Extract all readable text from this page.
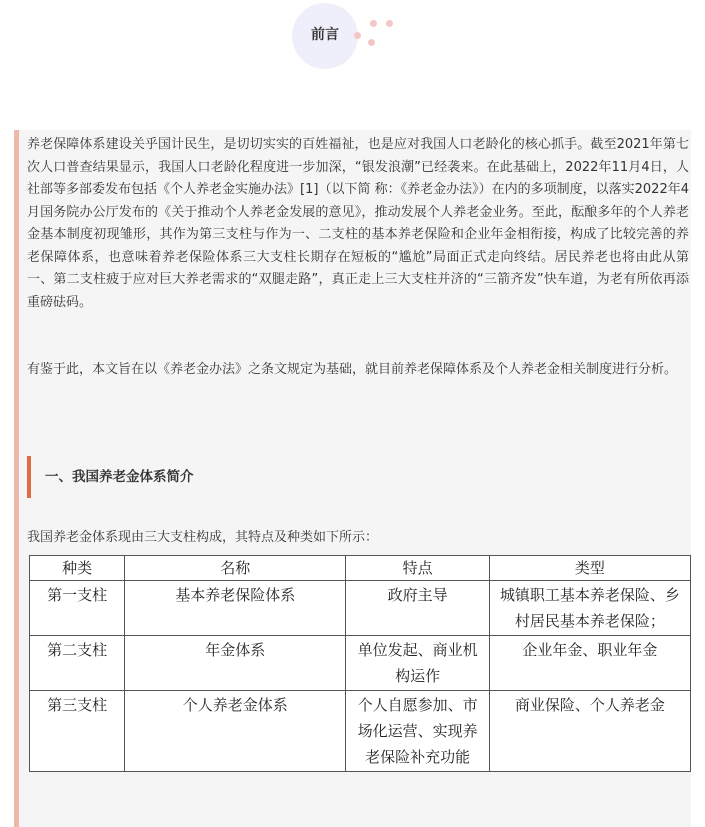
前言

养老保障体系建设关乎国计民生，是切切实实的百姓福祉，也是应对我国人口老龄化的核心抓手。截至2021年第七次人口普查结果显示，我国人口老龄化程度进一步加深，“银发浪潮”已经袭来。在此基础上，2022年11月4日，人社部等多部委发布包括《个人养老金实施办法》[1]（以下简 称：《养老金办法》）在内的多项制度，以落实2022年4月国务院办公厅发布的《关于推动个人养老金发展的意见》，推动发展个人养老金业务。至此，酝酿多年的个人养老金基本制度初现雏形，其作为第三支柱与作为一、二支柱的基本养老保险和企业年金相衔接，构成了比较完善的养老保障体系，也意味着养老保险体系三大支柱长期存在短板的“尴尬”局面正式走向终结。居民养老也将由此从第一、第二支柱疲于应对巨大养老需求的“双腿走路”，真正走上三大支柱并济的“三箭齐发”快车道，为老有所依再添重磅砝码。

有鉴于此，本文旨在以《养老金办法》之条文规定为基础，就目前养老保障体系及个人养老金相关制度进行分析。

一、我国养老金体系简介
我国养老金体系现由三大支柱构成，其特点及种类如下所示：
种类	名称	特点	类型
第一支柱	基本养老保险体系	政府主导	城镇职工基本养老保险、乡村居民基本养老保险；
第二支柱	年金体系	单位发起、商业机构运作	企业年金、职业年金
第三支柱	个人养老金体系	个人自愿参加、市场化运营、实现养老保险补充功能	商业保险、个人养老金
